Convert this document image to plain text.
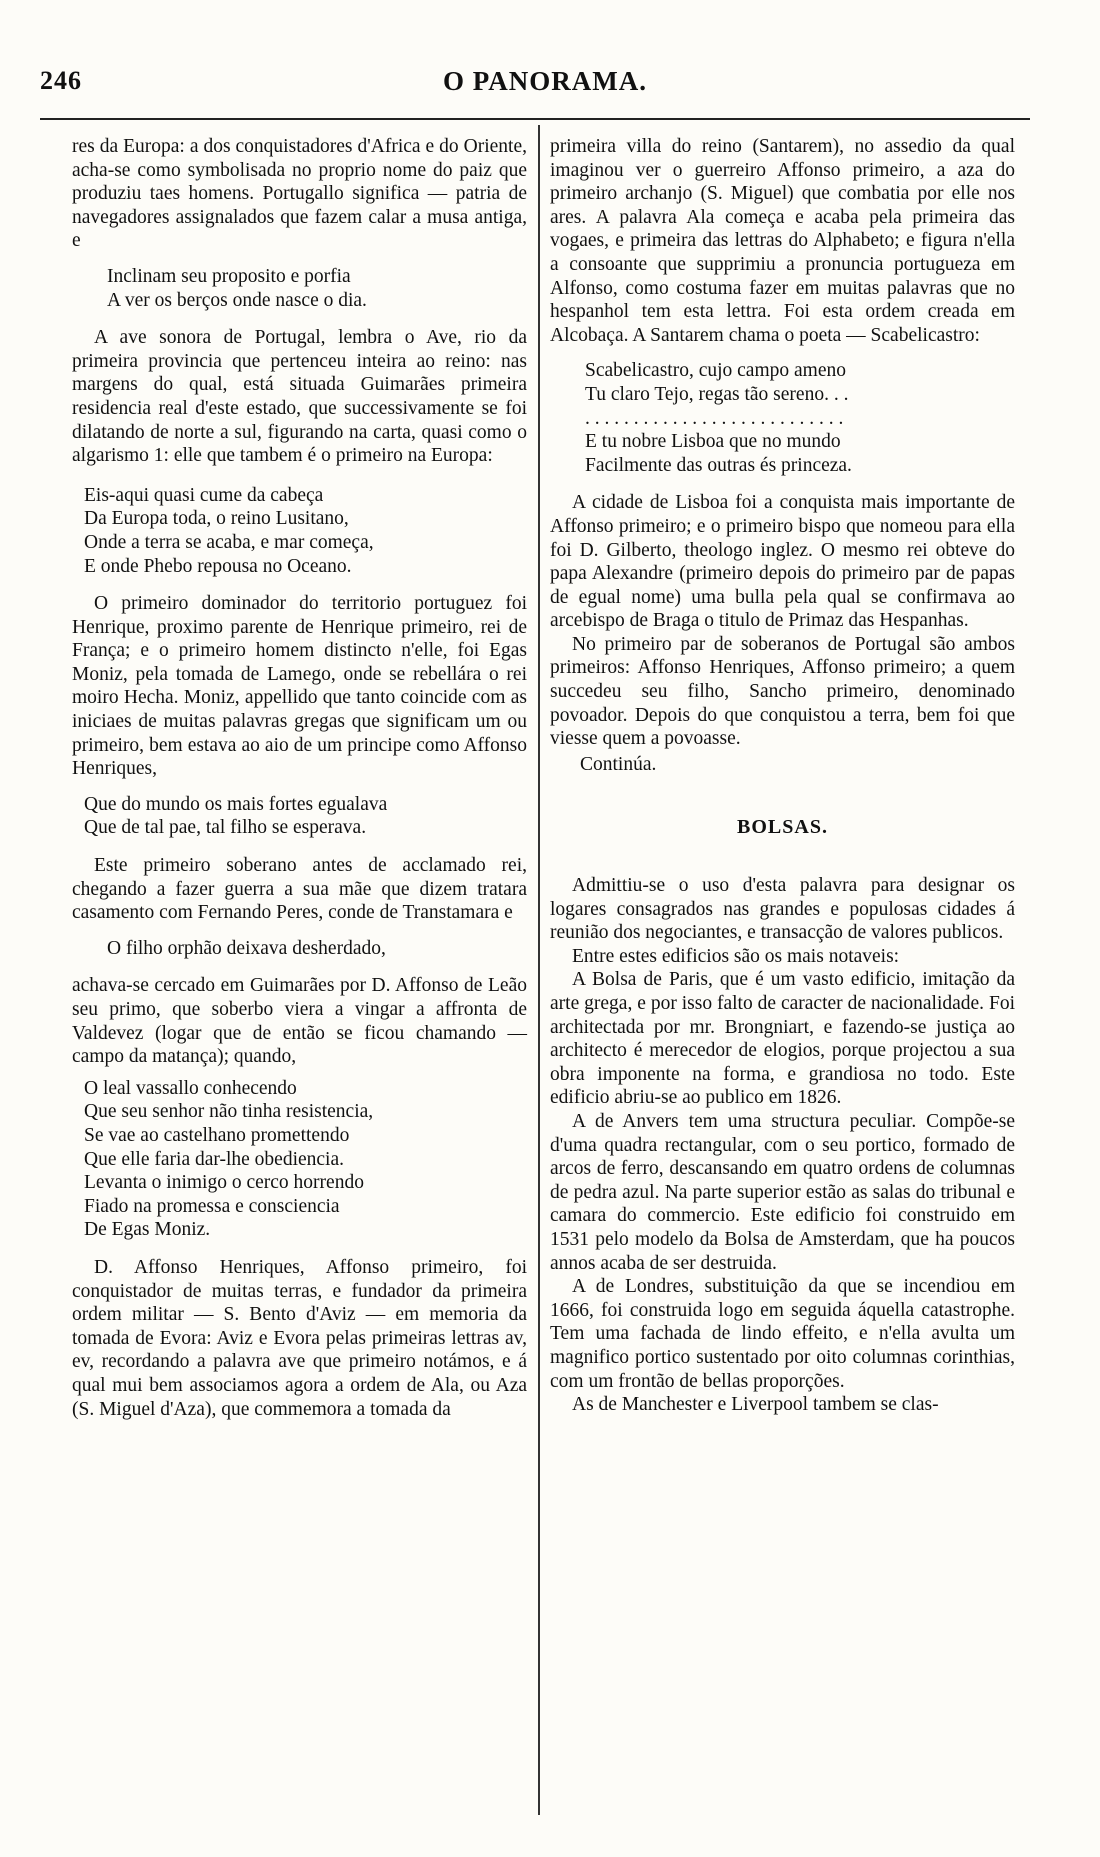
246	O PANORAMA.

res da Europa: a dos conquistadores d'Africa e do Oriente, acha-se como symbolisada no proprio nome do paiz que produziu taes homens. Portugallo significa — patria de navegadores assignalados que fazem calar a musa antiga, e

Inclinam seu proposito e porfia
A ver os berços onde nasce o dia.

A ave sonora de Portugal, lembra o Ave, rio da primeira provincia que pertenceu inteira ao reino: nas margens do qual, está situada Guimarães primeira residencia real d'este estado, que successivamente se foi dilatando de norte a sul, figurando na carta, quasi como o algarismo 1: elle que tambem é o primeiro na Europa:

Eis-aqui quasi cume da cabeça
Da Europa toda, o reino Lusitano,
Onde a terra se acaba, e mar começa,
E onde Phebo repousa no Oceano.

O primeiro dominador do territorio portuguez foi Henrique, proximo parente de Henrique primeiro, rei de França; e o primeiro homem distincto n'elle, foi Egas Moniz, pela tomada de Lamego, onde se rebellára o rei moiro Hecha. Moniz, appellido que tanto coincide com as iniciaes de muitas palavras gregas que significam um ou primeiro, bem estava ao aio de um principe como Affonso Henriques,

Que do mundo os mais fortes egualava
Que de tal pae, tal filho se esperava.

Este primeiro soberano antes de acclamado rei, chegando a fazer guerra a sua mãe que dizem tratara casamento com Fernando Peres, conde de Transtamara e

O filho orphão deixava desherdado,

achava-se cercado em Guimarães por D. Affonso de Leão seu primo, que soberbo viera a vingar a affronta de Valdevez (logar que de então se ficou chamando — campo da matança); quando,

O leal vassallo conhecendo
Que seu senhor não tinha resistencia,
Se vae ao castelhano promettendo
Que elle faria dar-lhe obediencia.
Levanta o inimigo o cerco horrendo
Fiado na promessa e consciencia
De Egas Moniz.

D. Affonso Henriques, Affonso primeiro, foi conquistador de muitas terras, e fundador da primeira ordem militar — S. Bento d'Aviz — em memoria da tomada de Evora: Aviz e Evora pelas primeiras lettras av, ev, recordando a palavra ave que primeiro notámos, e á qual mui bem associamos agora a ordem de Ala, ou Aza (S. Miguel d'Aza), que commemora a tomada da

primeira villa do reino (Santarem), no assedio da qual imaginou ver o guerreiro Affonso primeiro, a aza do primeiro archanjo (S. Miguel) que combatia por elle nos ares. A palavra Ala começa e acaba pela primeira das vogaes, e primeira das lettras do Alphabeto; e figura n'ella a consoante que supprimiu a pronuncia portugueza em Alfonso, como costuma fazer em muitas palavras que no hespanhol tem esta lettra. Foi esta ordem creada em Alcobaça. A Santarem chama o poeta — Scabelicastro:

Scabelicastro, cujo campo ameno
Tu claro Tejo, regas tão sereno. . .
. . . . . . . . . . . . . . . . . . . . . . . . . . .
E tu nobre Lisboa que no mundo
Facilmente das outras és princeza.

A cidade de Lisboa foi a conquista mais importante de Affonso primeiro; e o primeiro bispo que nomeou para ella foi D. Gilberto, theologo inglez. O mesmo rei obteve do papa Alexandre (primeiro depois do primeiro par de papas de egual nome) uma bulla pela qual se confirmava ao arcebispo de Braga o titulo de Primaz das Hespanhas.

No primeiro par de soberanos de Portugal são ambos primeiros: Affonso Henriques, Affonso primeiro; a quem succedeu seu filho, Sancho primeiro, denominado povoador. Depois do que conquistou a terra, bem foi que viesse quem a povoasse.

Continúa.
BOLSAS.

Admittiu-se o uso d'esta palavra para designar os logares consagrados nas grandes e populosas cidades á reunião dos negociantes, e transacção de valores publicos.

Entre estes edificios são os mais notaveis:

A Bolsa de Paris, que é um vasto edificio, imitação da arte grega, e por isso falto de caracter de nacionalidade. Foi architectada por mr. Brongniart, e fazendo-se justiça ao architecto é merecedor de elogios, porque projectou a sua obra imponente na forma, e grandiosa no todo. Este edificio abriu-se ao publico em 1826.

A de Anvers tem uma structura peculiar. Compõe-se d'uma quadra rectangular, com o seu portico, formado de arcos de ferro, descansando em quatro ordens de columnas de pedra azul. Na parte superior estão as salas do tribunal e camara do commercio. Este edificio foi construido em 1531 pelo modelo da Bolsa de Amsterdam, que ha poucos annos acaba de ser destruida.

A de Londres, substituição da que se incendiou em 1666, foi construida logo em seguida áquella catastrophe. Tem uma fachada de lindo effeito, e n'ella avulta um magnifico portico sustentado por oito columnas corinthias, com um frontão de bellas proporções.

As de Manchester e Liverpool tambem se clas-
